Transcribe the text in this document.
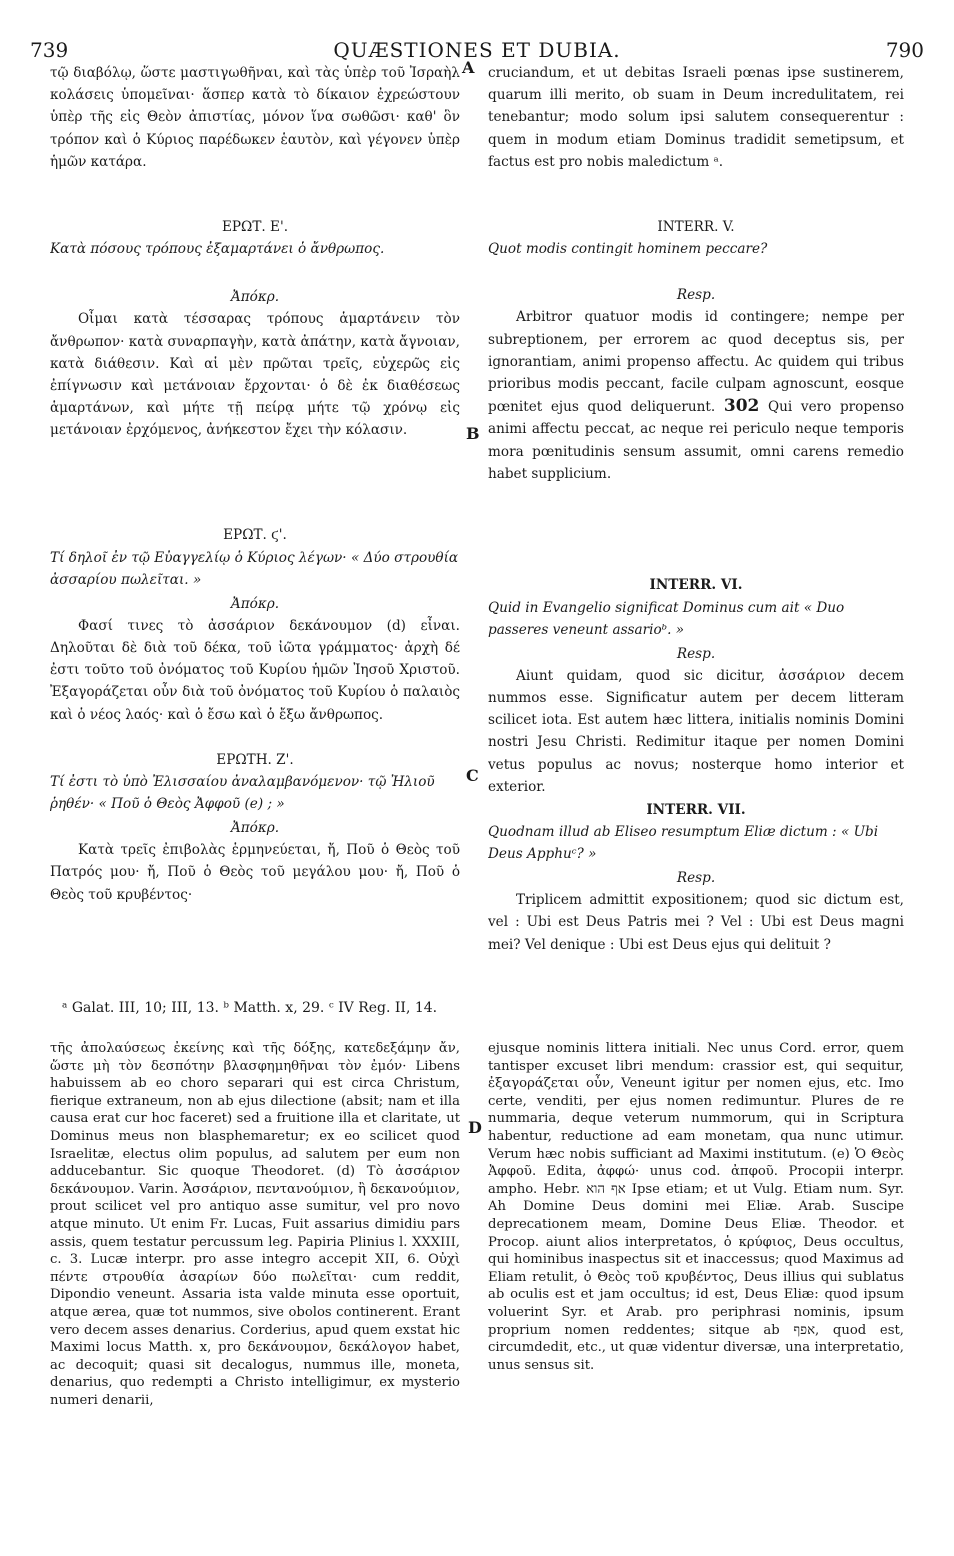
739	QUÆSTIONES ET DUBIA.	790
A
B
C
D

τῷ διαβόλῳ, ὥστε μαστιγωθῆναι, καὶ τὰς ὑπὲρ τοῦ Ἰσραὴλ κολάσεις ὑπομεῖναι· ἅσπερ κατὰ τὸ δίκαιον ἐχρεώστουν ὑπὲρ τῆς εἰς Θεὸν ἀπιστίας, μόνον ἵνα σωθῶσι· καθ' ὃν τρόπον καὶ ὁ Κύριος παρέδωκεν ἑαυτὸν, καὶ γέγονεν ὑπὲρ ἡμῶν κατάρα.

ΕΡΩΤ. Ε'.

Κατὰ πόσους τρόπους ἐξαμαρτάνει ὁ ἄνθρωπος.

Ἀπόκρ.

Οἶμαι κατὰ τέσσαρας τρόπους ἁμαρτάνειν τὸν ἄνθρωπον· κατὰ συναρπαγὴν, κατὰ ἀπάτην, κατὰ ἄγνοιαν, κατὰ διάθεσιν. Καὶ αἱ μὲν πρῶται τρεῖς, εὐχερῶς εἰς ἐπίγνωσιν καὶ μετάνοιαν ἔρχονται· ὁ δὲ ἐκ διαθέσεως ἁμαρτάνων, καὶ μήτε τῇ πείρᾳ μήτε τῷ χρόνῳ εἰς μετάνοιαν ἐρχόμενος, ἀνήκεστον ἔχει τὴν κόλασιν.

ΕΡΩΤ. ϛ'.

Τί δηλοῖ ἐν τῷ Εὐαγγελίῳ ὁ Κύριος λέγων· « Δύο στρουθία ἀσσαρίου πωλεῖται. »

Ἀπόκρ.

Φασί τινες τὸ ἀσσάριον δεκάνουμον (d) εἶναι. Δηλοῦται δὲ διὰ τοῦ δέκα, τοῦ ἰῶτα γράμματος· ἀρχὴ δέ ἐστι τοῦτο τοῦ ὀνόματος τοῦ Κυρίου ἡμῶν Ἰησοῦ Χριστοῦ. Ἐξαγοράζεται οὖν διὰ τοῦ ὀνόματος τοῦ Κυρίου ὁ παλαιὸς καὶ ὁ νέος λαός· καὶ ὁ ἔσω καὶ ὁ ἔξω ἄνθρωπος.

ΕΡΩΤΗ. Ζ'.

Τί ἐστι τὸ ὑπὸ Ἐλισσαίου ἀναλαμβανόμενον· τῷ Ἠλιοῦ ῥηθέν· « Ποῦ ὁ Θεὸς Ἀφφοῦ (e) ; »

Ἀπόκρ.

Κατὰ τρεῖς ἐπιβολὰς ἑρμηνεύεται, ἤ, Ποῦ ὁ Θεὸς τοῦ Πατρός μου· ἤ, Ποῦ ὁ Θεὸς τοῦ μεγάλου μου· ἤ, Ποῦ ὁ Θεὸς τοῦ κρυβέντος·

cruciandum, et ut debitas Israeli pœnas ipse sustinerem, quarum illi merito, ob suam in Deum incredulitatem, rei tenebantur; modo solum ipsi salutem consequerentur : quem in modum etiam Dominus tradidit semetipsum, et factus est pro nobis maledictum ᵃ.

INTERR. V.

Quot modis contingit hominem peccare?

Resp.

Arbitror quatuor modis id contingere; nempe per subreptionem, per errorem ac quod deceptus sis, per ignorantiam, animi propenso affectu. Ac quidem qui tribus prioribus modis peccant, facile culpam agnoscunt, eosque pœnitet ejus quod deliquerunt. 302 Qui vero propenso animi affectu peccat, ac neque rei periculo neque temporis mora pœnitudinis sensum assumit, omni carens remedio habet supplicium.

INTERR. VI.

Quid in Evangelio significat Dominus cum ait « Duo passeres veneunt assarioᵇ. »

Resp.

Aiunt quidam, quod sic dicitur, ἀσσάριον decem nummos esse. Significatur autem per decem litteram scilicet iota. Est autem hæc littera, initialis nominis Domini nostri Jesu Christi. Redimitur itaque per nomen Domini vetus populus ac novus; nosterque homo interior et exterior.

INTERR. VII.

Quodnam illud ab Eliseo resumptum Eliæ dictum : « Ubi Deus Apphuᶜ? »

Resp.

Triplicem admittit expositionem; quod sic dictum est, vel : Ubi est Deus Patris mei ? Vel : Ubi est Deus magni mei? Vel denique : Ubi est Deus ejus qui delituit ?

ᵃ Galat. III, 10; III, 13. ᵇ Matth. x, 29. ᶜ IV Reg. II, 14.

τῆς ἀπολαύσεως ἐκείνης καὶ τῆς δόξης, κατεδεξάμην ἄν, ὥστε μὴ τὸν δεσπότην βλασφημηθῆναι τὸν ἐμόν· Libens habuissem ab eo choro separari qui est circa Christum, fierique extraneum, non ab ejus dilectione (absit; nam et illa causa erat cur hoc faceret) sed a fruitione illa et claritate, ut Dominus meus non blasphemaretur; ex eo scilicet quod Israelitæ, electus olim populus, ad salutem per eum non adducebantur. Sic quoque Theodoret. (d) Τὸ ἀσσάριον δεκάνουμον. Varin. Ἀσσάριον, πεντανούμιον, ἢ δεκανούμιον, prout scilicet vel pro antiquo asse sumitur, vel pro novo atque minuto. Ut enim Fr. Lucas, Fuit assarius dimidiu pars assis, quem testatur percussum leg. Papiria Plinius l. XXXIII, c. 3. Lucæ interpr. pro asse integro accepit XII, 6. Οὐχὶ πέντε στρουθία ἀσαρίων δύο πωλεῖται· cum reddit, Dipondio veneunt. Assaria ista valde minuta esse oportuit, atque ærea, quæ tot nummos, sive obolos continerent. Erant vero decem asses denarius. Corderius, apud quem exstat hic Maximi locus Matth. x, pro δεκάνουμον, δεκάλογον habet, ac decoquit; quasi sit decalogus, nummus ille, moneta, denarius, quo redempti a Christo intelligimur, ex mysterio numeri denarii,

ejusque nominis littera initiali. Nec unus Cord. error, quem tantisper excuset libri mendum: crassior est, qui sequitur, ἐξαγοράζεται οὖν, Veneunt igitur per nomen ejus, etc. Imo certe, venditi, per ejus nomen redimuntur. Plures de re nummaria, deque veterum nummorum, qui in Scriptura habentur, reductione ad eam monetam, qua nunc utimur. Verum hæc nobis sufficiant ad Maximi institutum. (e) Ὁ Θεὸς Ἀφφοῦ. Edita, ἀφφώ· unus cod. ἀπφοῦ. Procopii interpr. ampho. Hebr. אף הוא Ipse etiam; et ut Vulg. Etiam num. Syr. Ah Domine Deus domini mei Eliæ. Arab. Suscipe deprecationem meam, Domine Deus Eliæ. Theodor. et Procop. aiunt alios interpretatos, ὁ κρύφιος, Deus occultus, qui hominibus inaspectus sit et inaccessus; quod Maximus ad Eliam retulit, ὁ Θεὸς τοῦ κρυβέντος, Deus illius qui sublatus ab oculis est et jam occultus; id est, Deus Eliæ: quod ipsum voluerint Syr. et Arab. pro periphrasi nominis, ipsum proprium nomen reddentes; sitque ab אפף, quod est, circumdedit, etc., ut quæ videntur diversæ, una interpretatio, unus sensus sit.
